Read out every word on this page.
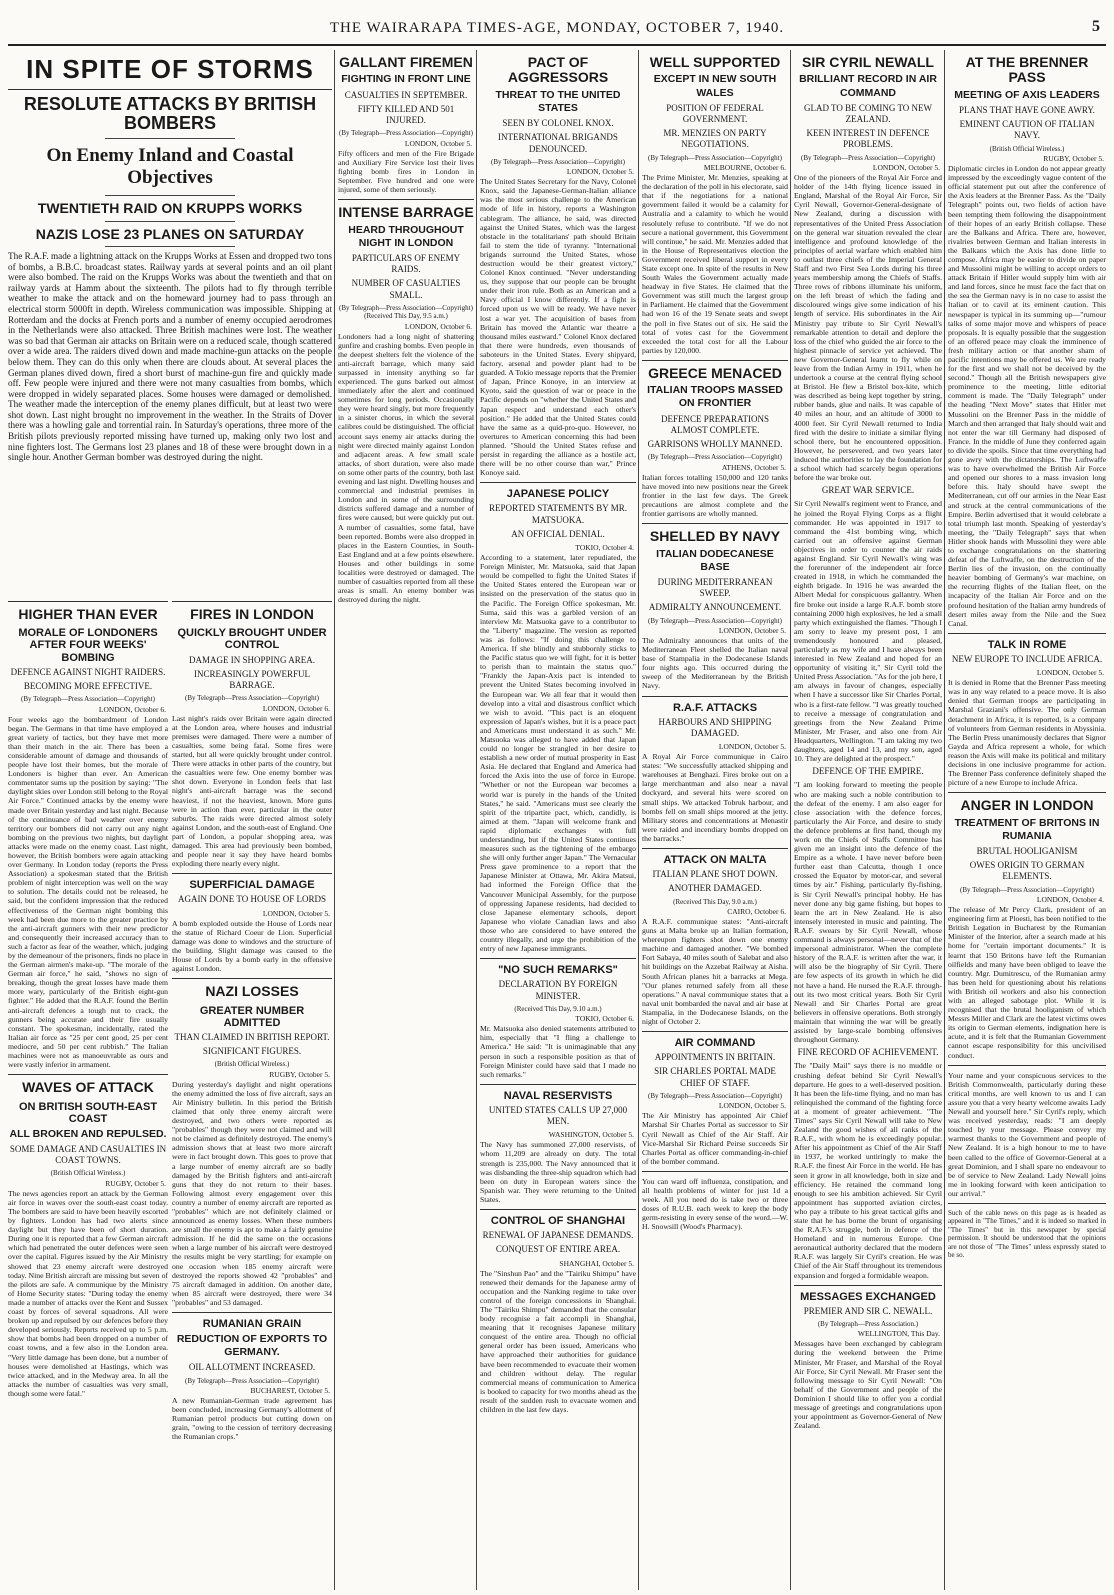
THE WAIRARAPA TIMES-AGE, MONDAY, OCTOBER 7, 1940.	5
IN SPITE OF STORMS
RESOLUTE ATTACKS BY BRITISH BOMBERS
On Enemy Inland and Coastal Objectives
TWENTIETH RAID ON KRUPPS WORKS
NAZIS LOSE 23 PLANES ON SATURDAY
The R.A.F. made a lightning attack on the Krupps Works at Essen and dropped two tons of bombs, a B.B.C. broadcast states. Railway yards at several points and an oil plant were also bombed. The raid on the Krupps Works was about the twentieth and that on railway yards at Hamm about the sixteenth. The pilots had to fly through terrible weather to make the attack and on the homeward journey had to pass through an electrical storm 5000ft in depth. Wireless communication was impossible. Shipping at Rotterdam and the docks at French ports and a number of enemy occupied aerodromes in the Netherlands were also attacked. Three British machines were lost. The weather was so bad that German air attacks on Britain were on a reduced scale, though scattered over a wide area. The raiders dived down and made machine-gun attacks on the people below them. They can do this only when there are clouds about. At several places the German planes dived down, fired a short burst of machine-gun fire and quickly made off. Few people were injured and there were not many casualties from bombs, which were dropped in widely separated places. Some houses were damaged or demolished. The weather made the interception of the enemy planes difficult, but at least two were shot down. Last night brought no improvement in the weather. In the Straits of Dover there was a howling gale and torrential rain. In Saturday's operations, three more of the British pilots previously reported missing have turned up, making only two lost and nine fighters lost. The Germans lost 23 planes and 18 of these were brought down in a single hour. Another German bomber was destroyed during the night.
HIGHER THAN EVER
MORALE OF LONDONERS AFTER FOUR WEEKS' BOMBING
DEFENCE AGAINST NIGHT RAIDERS.
BECOMING MORE EFFECTIVE.
(By Telegraph—Press Association—Copyright)
LONDON, October 6.
Four weeks ago the bombardment of London began. The Germans in that time have employed a great variety of tactics, but they have met more than their match in the air. There has been a considerable amount of damage and thousands of people have lost their homes, but the morale of Londoners is higher than ever. An American commentator sums up the position by saying: "The daylight skies over London still belong to the Royal Air Force." Continued attacks by the enemy were made over Britain yesterday and last night. Because of the continuance of bad weather over enemy territory our bombers did not carry out any night bombing on the previous two nights, but daylight attacks were made on the enemy coast. Last night, however, the British bombers were again attacking over Germany. In London today (reports the Press Association) a spokesman stated that the British problem of night interception was well on the way to solution. The details could not be released, he said, but the confident impression that the reduced effectiveness of the German night bombing this week had been due more to the greater practice by the anti-aircraft gunners with their new predictor and consequently their increased accuracy than to such a factor as fear of the weather, which, judging by the demeanour of the prisoners, finds no place in the German airmen's make-up. "The morale of the German air force," he said, "shows no sign of breaking, though the great losses have made them more wary, particularly of the British eight-gun fighter." He added that the R.A.F. found the Berlin anti-aircraft defences a tough nut to crack, the gunners being accurate and their fire usually constant. The spokesman, incidentally, rated the Italian air force as "25 per cent good, 25 per cent mediocre, and 50 per cent rubbish." The Italian machines were not as manoeuvrable as ours and were vastly inferior in armament.
WAVES OF ATTACK
ON BRITISH SOUTH-EAST COAST
ALL BROKEN AND REPULSED.
SOME DAMAGE AND CASUALTIES IN COAST TOWNS.
(British Official Wireless.)
RUGBY, October 5.
The news agencies report an attack by the German air force in waves over the south-east coast today. The bombers are said to have been heavily escorted by fighters. London has had two alerts since daylight but they have been of short duration. During one it is reported that a few German aircraft which had penetrated the outer defences were seen over the capital. Figures issued by the Air Ministry showed that 23 enemy aircraft were destroyed today. Nine British aircraft are missing but seven of the pilots are safe. A communique by the Ministry of Home Security states: "During today the enemy made a number of attacks over the Kent and Sussex coast by forces of several squadrons. All were broken up and repulsed by our defences before they developed seriously. Reports received up to 5 p.m. show that bombs had been dropped on a number of coast towns, and a few also in the London area. "Very little damage has been done, but a number of houses were demolished at Hastings, which was twice attacked, and in the Medway area. In all the attacks the number of casualties was very small, though some were fatal."
FIRES IN LONDON
QUICKLY BROUGHT UNDER CONTROL
DAMAGE IN SHOPPING AREA.
INCREASINGLY POWERFUL BARRAGE.
(By Telegraph—Press Association—Copyright)
LONDON, October 6.
Last night's raids over Britain were again directed at the London area, where houses and industrial premises were damaged. There were a number of casualties, some being fatal. Some fires were started, but all were quickly brought under control. There were attacks in other parts of the country, but the casualties were few. One enemy bomber was shot down. Everyone in London feels that last night's anti-aircraft barrage was the second heaviest, if not the heaviest, known. More guns were in action than ever, particular in the outer suburbs. The raids were directed almost solely against London, and the south-east of England. One part of London, a popular shopping area, was damaged. This area had previously been bombed, and people near it say they have heard bombs exploding there nearly every night.
SUPERFICIAL DAMAGE
AGAIN DONE TO HOUSE OF LORDS
LONDON, October 5.
A bomb exploded outside the House of Lords near the statue of Richard Coeur de Lion. Superficial damage was done to windows and the structure of the building. Slight damage was caused to the House of Lords by a bomb early in the offensive against London.
NAZI LOSSES
GREATER NUMBER ADMITTED
THAN CLAIMED IN BRITISH REPORT.
SIGNIFICANT FIGURES.
(British Official Wireless.)
RUGBY, October 5.
During yesterday's daylight and night operations the enemy admitted the loss of five aircraft, says an Air Ministry bulletin. In this period the British claimed that only three enemy aircraft were destroyed, and two others were reported as "probables" though they were not claimed and will not be claimed as definitely destroyed. The enemy's admission shows that at least two more aircraft were in fact brought down. This goes to prove that a large number of enemy aircraft are so badly damaged by the British fighters and anti-aircraft guns that they do not return to their bases. Following almost every engagement over this country a number of enemy aircraft are reported as "probables" which are not definitely claimed or announced as enemy losses. When these numbers are small the enemy is apt to make a fairly genuine admission. If he did the same on the occasions when a large number of his aircraft were destroyed the results might be very startling; for example on one occasion when 185 enemy aircraft were destroyed the reports showed 42 "probables" and 75 aircraft damaged in addition. On another date, when 85 aircraft were destroyed, there were 34 "probables" and 53 damaged.
RUMANIAN GRAIN
REDUCTION OF EXPORTS TO GERMANY.
OIL ALLOTMENT INCREASED.
(By Telegraph—Press Association—Copyright)
BUCHAREST, October 5.
A new Rumanian-German trade agreement has been concluded, increasing Germany's allotment of Rumanian petrol products but cutting down on grain, "owing to the cession of territory decreasing the Rumanian crops."
GALLANT FIREMEN
FIGHTING IN FRONT LINE
CASUALTIES IN SEPTEMBER.
FIFTY KILLED AND 501 INJURED.
(By Telegraph—Press Association—Copyright)
LONDON, October 5.
Fifty officers and men of the Fire Brigade and Auxiliary Fire Service lost their lives fighting bomb fires in London in September. Five hundred and one were injured, some of them seriously.
INTENSE BARRAGE
HEARD THROUGHOUT NIGHT IN LONDON
PARTICULARS OF ENEMY RAIDS.
NUMBER OF CASUALTIES SMALL.
(By Telegraph—Press Association—Copyright) (Received This Day, 9.5 a.m.)
LONDON, October 6.
Londoners had a long night of shattering gunfire and crashing bombs. Even people in the deepest shelters felt the violence of the anti-aircraft barrage, which many said surpassed in intensity anything so far experienced. The guns barked out almost immediately after the alert and continued sometimes for long periods. Occasionally they were heard singly, but more frequently in a sinister chorus, in which the several calibres could be distinguished. The official account says enemy air attacks during the night were directed mainly against London and adjacent areas. A few small scale attacks, of short duration, were also made on some other parts of the country, both last evening and last night. Dwelling houses and commercial and industrial premises in London and in some of the surrounding districts suffered damage and a number of fires were caused, but were quickly put out. A number of casualties, some fatal, have been reported. Bombs were also dropped in places in the Eastern Counties, in South-East England and at a few points elsewhere. Houses and other buildings in some localities were destroyed or damaged. The number of casualties reported from all these areas is small. An enemy bomber was destroyed during the night.
PACT OF AGGRESSORS
THREAT TO THE UNITED STATES
SEEN BY COLONEL KNOX.
INTERNATIONAL BRIGANDS DENOUNCED.
(By Telegraph—Press Association—Copyright)
LONDON, October 5.
The United States Secretary for the Navy, Colonel Knox, said the Japanese-German-Italian alliance was the most serious challenge to the American mode of life in history, reports a Washington cablegram. The alliance, he said, was directed against the United States, which was the largest obstacle in the totalitarians' path should Britain fail to stem the tide of tyranny. "International brigands surround the United States, whose destruction would be their greatest victory," Colonel Knox continued. "Never understanding us, they suppose that our people can be brought under their iron rule. Both as an American and a Navy official I know differently. If a fight is forced upon us we will be ready. We have never lost a war yet. The acquisition of bases from Britain has moved the Atlantic war theatre a thousand miles eastward." Colonel Knox declared that there were hundreds, even thousands of saboteurs in the United States. Every shipyard, factory, arsenal and powder plant had to be guarded. A Tokio message reports that the Premier of Japan, Prince Konoye, in an interview at Kyoto, said the question of war or peace in the Pacific depends on "whether the United States and Japan respect and understand each other's position." He added that the United States could have the same as a quid-pro-quo. However, no overtures to American concerning this had been planned. "Should the United States refuse and persist in regarding the alliance as a hostile act, there will be no other course than war," Prince Konoye said.
JAPANESE POLICY
REPORTED STATEMENTS BY MR. MATSUOKA.
AN OFFICIAL DENIAL.
TOKIO, October 4.
According to a statement, later repudiated, the Foreign Minister, Mr. Matsuoka, said that Japan would be compelled to fight the United States if the United States entered the European war or insisted on the preservation of the status quo in the Pacific. The Foreign Office spokesman, Mr. Suma, said this was a garbled version of an interview Mr. Matsuoka gave to a contributor to the "Liberty" magazine. The version as reported was as follows: "If doing this challenge to America. If she blindly and stubbornly sticks to the Pacific status quo we will fight, for it is better to perish than to maintain the status quo." "Frankly the Japan-Axis pact is intended to prevent the United States becoming involved in the European war. We all fear that it would then develop into a vital and disastrous conflict which we wish to avoid. "This pact is an eloquent expression of Japan's wishes, but it is a peace pact and Americans must understand it as such." Mr. Matsuoka was alleged to have added that Japan could no longer be strangled in her desire to establish a new order of mutual prosperity in East Asia. He declared that England and America had forced the Axis into the use of force in Europe. "Whether or not the European war becomes a world war is purely in the hands of the United States," he said. "Americans must see clearly the spirit of the tripartite pact, which, candidly, is aimed at them. "Japan will welcome frank and rapid diplomatic exchanges with full understanding, but if the United States continues measures such as the tightening of the embargo she will only further anger Japan." The Vernacular Press gave prominence to a report that the Japanese Minister at Ottawa, Mr. Akira Matsui, had informed the Foreign Office that the Vancouver Municipal Assembly, for the purpose of oppressing Japanese residents, had decided to close Japanese elementary schools, deport Japanese who violate Canadian laws and also those who are considered to have entered the country illegally, and urge the prohibition of the entry of new Japanese immigrants.
"NO SUCH REMARKS"
DECLARATION BY FOREIGN MINISTER.
(Received This Day, 9.10 a.m.)
TOKIO, October 6.
Mr. Matsuoka also denied statements attributed to him, especially that "I fling a challenge to America." He said: "It is unimaginable that any person in such a responsible position as that of Foreign Minister could have said that I made no such remarks."
NAVAL RESERVISTS
UNITED STATES CALLS UP 27,000 MEN.
WASHINGTON, October 5.
The Navy has summoned 27,000 reservists, of whom 11,209 are already on duty. The total strength is 235,000. The Navy announced that it was disbanding the three-ship squadron which had been on duty in European waters since the Spanish war. They were returning to the United States.
CONTROL OF SHANGHAI
RENEWAL OF JAPANESE DEMANDS.
CONQUEST OF ENTIRE AREA.
SHANGHAI, October 5.
The "Sinshun Pao" and the "Tairiku Shimpu" have renewed their demands for the Japanese army of occupation and the Nanking regime to take over control of the foreign concessions in Shanghai. The "Tairiku Shimpu" demanded that the consular body recognise a fait accompli in Shanghai, meaning that it recognises Japanese military conquest of the entire area. Though no official general order has been issued, Americans who have approached their authorities for guidance have been recommended to evacuate their women and children without delay. The regular commercial means of communication to America is booked to capacity for two months ahead as the result of the sudden rush to evacuate women and children in the last few days.
WELL SUPPORTED
EXCEPT IN NEW SOUTH WALES
POSITION OF FEDERAL GOVERNMENT.
MR. MENZIES ON PARTY NEGOTIATIONS.
(By Telegraph—Press Association—Copyright)
MELBOURNE, October 6.
The Prime Minister, Mr. Menzies, speaking at the declaration of the poll in his electorate, said that if the negotiations for a national government failed it would be a calamity for Australia and a calamity to which he would resolutely refuse to contribute. "If we do not secure a national government, this Government will continue," he said. Mr. Menzies added that in the House of Representatives election the Government received liberal support in every State except one. In spite of the results in New South Wales the Government actually made headway in five States. He claimed that the Government was still much the largest group in Parliament. He claimed that the Government had won 16 of the 19 Senate seats and swept the poll in five States out of six. He said the total of votes cast for the Government exceeded the total cost for all the Labour parties by 120,000.
GREECE MENACED
ITALIAN TROOPS MASSED ON FRONTIER
DEFENCE PREPARATIONS ALMOST COMPLETE.
GARRISONS WHOLLY MANNED.
(By Telegraph—Press Association—Copyright)
ATHENS, October 5.
Italian forces totalling 150,000 and 120 tanks have moved into new positions near the Greek frontier in the last few days. The Greek precautions are almost complete and the frontier garrisons are wholly manned.
SHELLED BY NAVY
ITALIAN DODECANESE BASE
DURING MEDITERRANEAN SWEEP.
ADMIRALTY ANNOUNCEMENT.
(By Telegraph—Press Association—Copyright)
LONDON, October 5.
The Admiralty announces that units of the Mediterranean Fleet shelled the Italian naval base of Stampalia in the Dodecanese Islands four nights ago. This occurred during the sweep of the Mediterranean by the British Navy.
R.A.F. ATTACKS
HARBOURS AND SHIPPING DAMAGED.
LONDON, October 5.
A Royal Air Force communique in Cairo states: "We successfully attacked shipping and warehouses at Benghazi. Fires broke out on a large merchantman and also near a naval dockyard, and several hits were scored on small ships. We attacked Tobruk harbour, and bombs fell on small ships moored at the jetty. Military stores and concentrations at Menastir were raided and incendiary bombs dropped on the barracks."
ATTACK ON MALTA
ITALIAN PLANE SHOT DOWN.
ANOTHER DAMAGED.
(Received This Day, 9.0 a.m.)
CAIRO, October 6.
A R.A.F. communique states: "Anti-aircraft guns at Malta broke up an Italian formation, whereupon fighters shot down one enemy machine and damaged another. "We bombed Fort Sabaya, 40 miles south of Salebat and also hit buildings on the Azzebat Railway at Aisha. South African planes hit a barracks at Mega. "Our planes returned safely from all these operations." A naval communique states that a naval unit bombarded the naval and air base at Stampalia, in the Dodecanese Islands, on the night of October 2.
AIR COMMAND
APPOINTMENTS IN BRITAIN.
SIR CHARLES PORTAL MADE CHIEF OF STAFF.
(By Telegraph—Press Association—Copyright)
LONDON, October 5.
The Air Ministry has appointed Air Chief Marshal Sir Charles Portal as successor to Sir Cyril Newall as Chief of the Air Staff. Air Vice-Marshal Sir Richard Peirse succeeds Sir Charles Portal as officer commanding-in-chief of the bomber command.
You can ward off influenza, constipation, and all health problems of winter for just 1d a week. All you need do is take two or three doses of R.U.B. each week to keep the body germ-resisting in every sense of the word.—W. H. Snowsill (Wood's Pharmacy).
SIR CYRIL NEWALL
BRILLIANT RECORD IN AIR COMMAND
GLAD TO BE COMING TO NEW ZEALAND.
KEEN INTEREST IN DEFENCE PROBLEMS.
(By Telegraph—Press Association—Copyright)
LONDON, October 5.
One of the pioneers of the Royal Air Force and holder of the 14th flying licence issued in England, Marshal of the Royal Air Force, Sir Cyril Newall, Governor-General-designate of New Zealand, during a discussion with representatives of the United Press Association on the general war situation revealed the clear intelligence and profound knowledge of the principles of aerial warfare which enabled him to outlast three chiefs of the Imperial General Staff and two First Sea Lords during his three years membership among the Chiefs of Staffs. Three rows of ribbons illuminate his uniform, on the left breast of which the fading and discoloured wings give some indication of his length of service. His subordinates in the Air Ministry pay tribute to Sir Cyril Newall's remarkable attention to detail and deplore the loss of the chief who guided the air force to the highest pinnacle of service yet achieved. The new Governor-General learnt to fly while on leave from the Indian Army in 1911, when he undertook a course at the central flying school at Bristol. He flew a Bristol box-kite, which was described as being kept together by string, rubber bands, glue and nails. It was capable of 40 miles an hour, and an altitude of 3000 to 4000 feet. Sir Cyril Newall returned to India fired with the desire to initiate a similar flying school there, but he encountered opposition. However, he persevered, and two years later induced the authorities to lay the foundation for a school which had scarcely begun operations before the war broke out.
GREAT WAR SERVICE.
Sir Cyril Newall's regiment went to France, and he joined the Royal Flying Corps as a flight commander. He was appointed in 1917 to command the 41st bombing wing, which carried out an offensive against German objectives in order to counter the air raids against England. Sir Cyril Newall's wing was the forerunner of the independent air force created in 1918, in which he commanded the eighth brigade. In 1916 he was awarded the Albert Medal for conspicuous gallantry. When fire broke out inside a large R.A.F. bomb store containing 2000 high explosives, he led a small party which extinguished the flames. "Though I am sorry to leave my present post, I am tremendously honoured and pleased, particularly as my wife and I have always been interested in New Zealand and hoped for an opportunity of visiting it," Sir Cyril told the United Press Association. "As for the job here, I am always in favour of changes, especially when I have a successor like Sir Charles Portal, who is a first-rate fellow. "I was greatly touched to receive a message of congratulation and greetings from the New Zealand Prime Minister, Mr Fraser, and also one from Air Headquarters, Wellington. "I am taking my two daughters, aged 14 and 13, and my son, aged 10. They are delighted at the prospect."
DEFENCE OF THE EMPIRE.
"I am looking forward to meeting the people who are making such a noble contribution to the defeat of the enemy. I am also eager for close association with the defence forces, particularly the Air Force, and desire to study the defence problems at first hand, though my work on the Chiefs of Staffs Committee has given me an insight into the defence of the Empire as a whole. I have never before been further east than Calcutta, though I once crossed the Equator by motor-car, and several times by air." Fishing, particularly fly-fishing, is Sir Cyril Newall's principal hobby. He has never done any big game fishing, but hopes to learn the art in New Zealand. He is also intensely interested in music and painting. The R.A.F. swears by Sir Cyril Newall, whose command is always personal—never that of the impersonal administrator. When the complete history of the R.A.F. is written after the war, it will also be the biography of Sir Cyril. There are few aspects of its growth in which he did not have a hand. He nursed the R.A.F. through-out its two most critical years. Both Sir Cyril Newall and Sir Charles Portal are great believers in offensive operations. Both strongly maintain that winning the war will be greatly assisted by large-scale bombing offensives throughout Germany.
FINE RECORD OF ACHIEVEMENT.
The "Daily Mail" says there is no muddle or crushing defeat behind Sir Cyril Newall's departure. He goes to a well-deserved position. It has been the life-time flying, and no man has relinquished the command of the fighting force at a moment of greater achievement. "The Times" says Sir Cyril Newall will take to New Zealand the good wishes of all ranks of the R.A.F., with whom he is exceedingly popular. After his appointment as Chief of the Air Staff in 1937, he worked untiringly to make the R.A.F. the finest Air Force in the world. He has seen it grow in all knowledge, both in size and efficiency. He retained the command long enough to see his ambition achieved. Sir Cyril appointment has supported aviation circles, who pay a tribute to his great tactical gifts and state that he has borne the brunt of organising the R.A.F.'s struggle, both in defence of the Homeland and in numerous Europe. One aeronautical authority declared that the modern R.A.F. was largely Sir Cyril's creation. He was Chief of the Air Staff throughout its tremendous expansion and forged a formidable weapon.
MESSAGES EXCHANGED
PREMIER AND SIR C. NEWALL.
(By Telegraph—Press Association.)
WELLINGTON, This Day.
Messages have been exchanged by cablegram during the weekend between the Prime Minister, Mr Fraser, and Marshal of the Royal Air Force, Sir Cyril Newall. Mr Fraser sent the following message to Sir Cyril Newall: "On behalf of the Government and people of the Dominion I should like to offer you a cordial message of greetings and congratulations upon your appointment as Governor-General of New Zealand.
AT THE BRENNER PASS
MEETING OF AXIS LEADERS
PLANS THAT HAVE GONE AWRY.
EMINENT CAUTION OF ITALIAN NAVY.
(British Official Wireless.)
RUGBY, October 5.
Diplomatic circles in London do not appear greatly impressed by the exceedingly vague content of the official statement put out after the conference of the Axis leaders at the Brenner Pass. As the "Daily Telegraph" points out, two fields of action have been tempting them following the disappointment of their hopes of an early British collapse. These are the Balkans and Africa. There are, however, rivalries between German and Italian interests in the Balkans which the Axis has done little to compose. Africa may be easier to divide on paper and Mussolini might be willing to accept orders to attack Britain if Hitler would supply him with air and land forces, since he must face the fact that on the sea the German navy is in no case to assist the Italian or to cavil at its eminent caution. This newspaper is typical in its summing up—"rumour talks of some major move and whispers of peace proposals. It is equally possible that the suggestion of an offered peace may cloak the imminence of fresh military action or that another sham of pacific intentions may be offered us. We are ready for the first and we shall not be deceived by the second." Though all the British newspapers give prominence to the meeting, little editorial comment is made. The "Daily Telegraph" under the heading "Next Move" states that Hitler met Mussolini on the Brenner Pass in the middle of March and then arranged that Italy should wait and not enter the war till Germany had disposed of France. In the middle of June they conferred again to divide the spoils. Since that time everything had gone awry with the dictatorships. The Luftwaffe was to have overwhelmed the British Air Force and opened our shores to a mass invasion long before this. Italy should have swept the Mediterranean, cut off our armies in the Near East and struck at the central communications of the Empire. Berlin advertised that it would celebrate a total triumph last month. Speaking of yesterday's meeting, the "Daily Telegraph" says that when Hitler shook hands with Mussolini they were able to exchange congratulations on the shattering defeat of the Luftwaffe, on the destruction of the Berlin lies of the invasion, on the continually heavier bombing of Germany's war machine, on the recurring flights of the Italian fleet, on the incapacity of the Italian Air Force and on the profound hesitation of the Italian army hundreds of desert miles away from the Nile and the Suez Canal.
TALK IN ROME
NEW EUROPE TO INCLUDE AFRICA.
LONDON, October 5.
It is denied in Rome that the Brenner Pass meeting was in any way related to a peace move. It is also denied that German troops are participating in Marshal Graziani's offensive. The only German detachment in Africa, it is reported, is a company of volunteers from German residents in Abyssinia. The Berlin Press unanimously declares that Signor Gayda and Africa represent a whole, for which reason the Axis will make its political and military decisions in one inclusive programme for action. The Brenner Pass conference definitely shaped the picture of a new Europe to include Africa.
ANGER IN LONDON
TREATMENT OF BRITONS IN RUMANIA
BRUTAL HOOLIGANISM
OWES ORIGIN TO GERMAN ELEMENTS.
(By Telegraph—Press Association—Copyright)
LONDON, October 4.
The release of Mr Percy Clark, president of an engineering firm at Ploesti, has been notified to the British Legation in Bucharest by the Rumanian Minister of the Interior, after a search made at his home for "certain important documents." It is learnt that 150 Britons have left the Rumanian oilfields and many have been obliged to leave the country. Mgr. Dumitrescu, of the Rumanian army has been held for questioning about his relations with British oil workers and also his connection with an alleged sabotage plot. While it is recognised that the brutal hooliganism of which Messrs Miller and Clark are the latest victims owes its origin to German elements, indignation here is acute, and it is felt that the Rumanian Government cannot escape responsibility for this uncivilised conduct.
Your name and your conspicuous services to the British Commonwealth, particularly during these critical months, are well known to us and I can assure you that a very hearty welcome awaits Lady Newall and yourself here." Sir Cyril's reply, which was received yesterday, reads: "I am deeply touched by your message. Please convey my warmest thanks to the Government and people of New Zealand. It is a high honour to me to have been called to the office of Governor-General at a great Dominion, and I shall spare no endeavour to be of service to New Zealand. Lady Newall joins me in looking forward with keen anticipation to our arrival."
Such of the cable news on this page as is headed as appeared in "The Times," and it is indeed so marked in "The Times" but in this newspaper by special permission. It should be understood that the opinions are not those of "The Times" unless expressly stated to be so.
